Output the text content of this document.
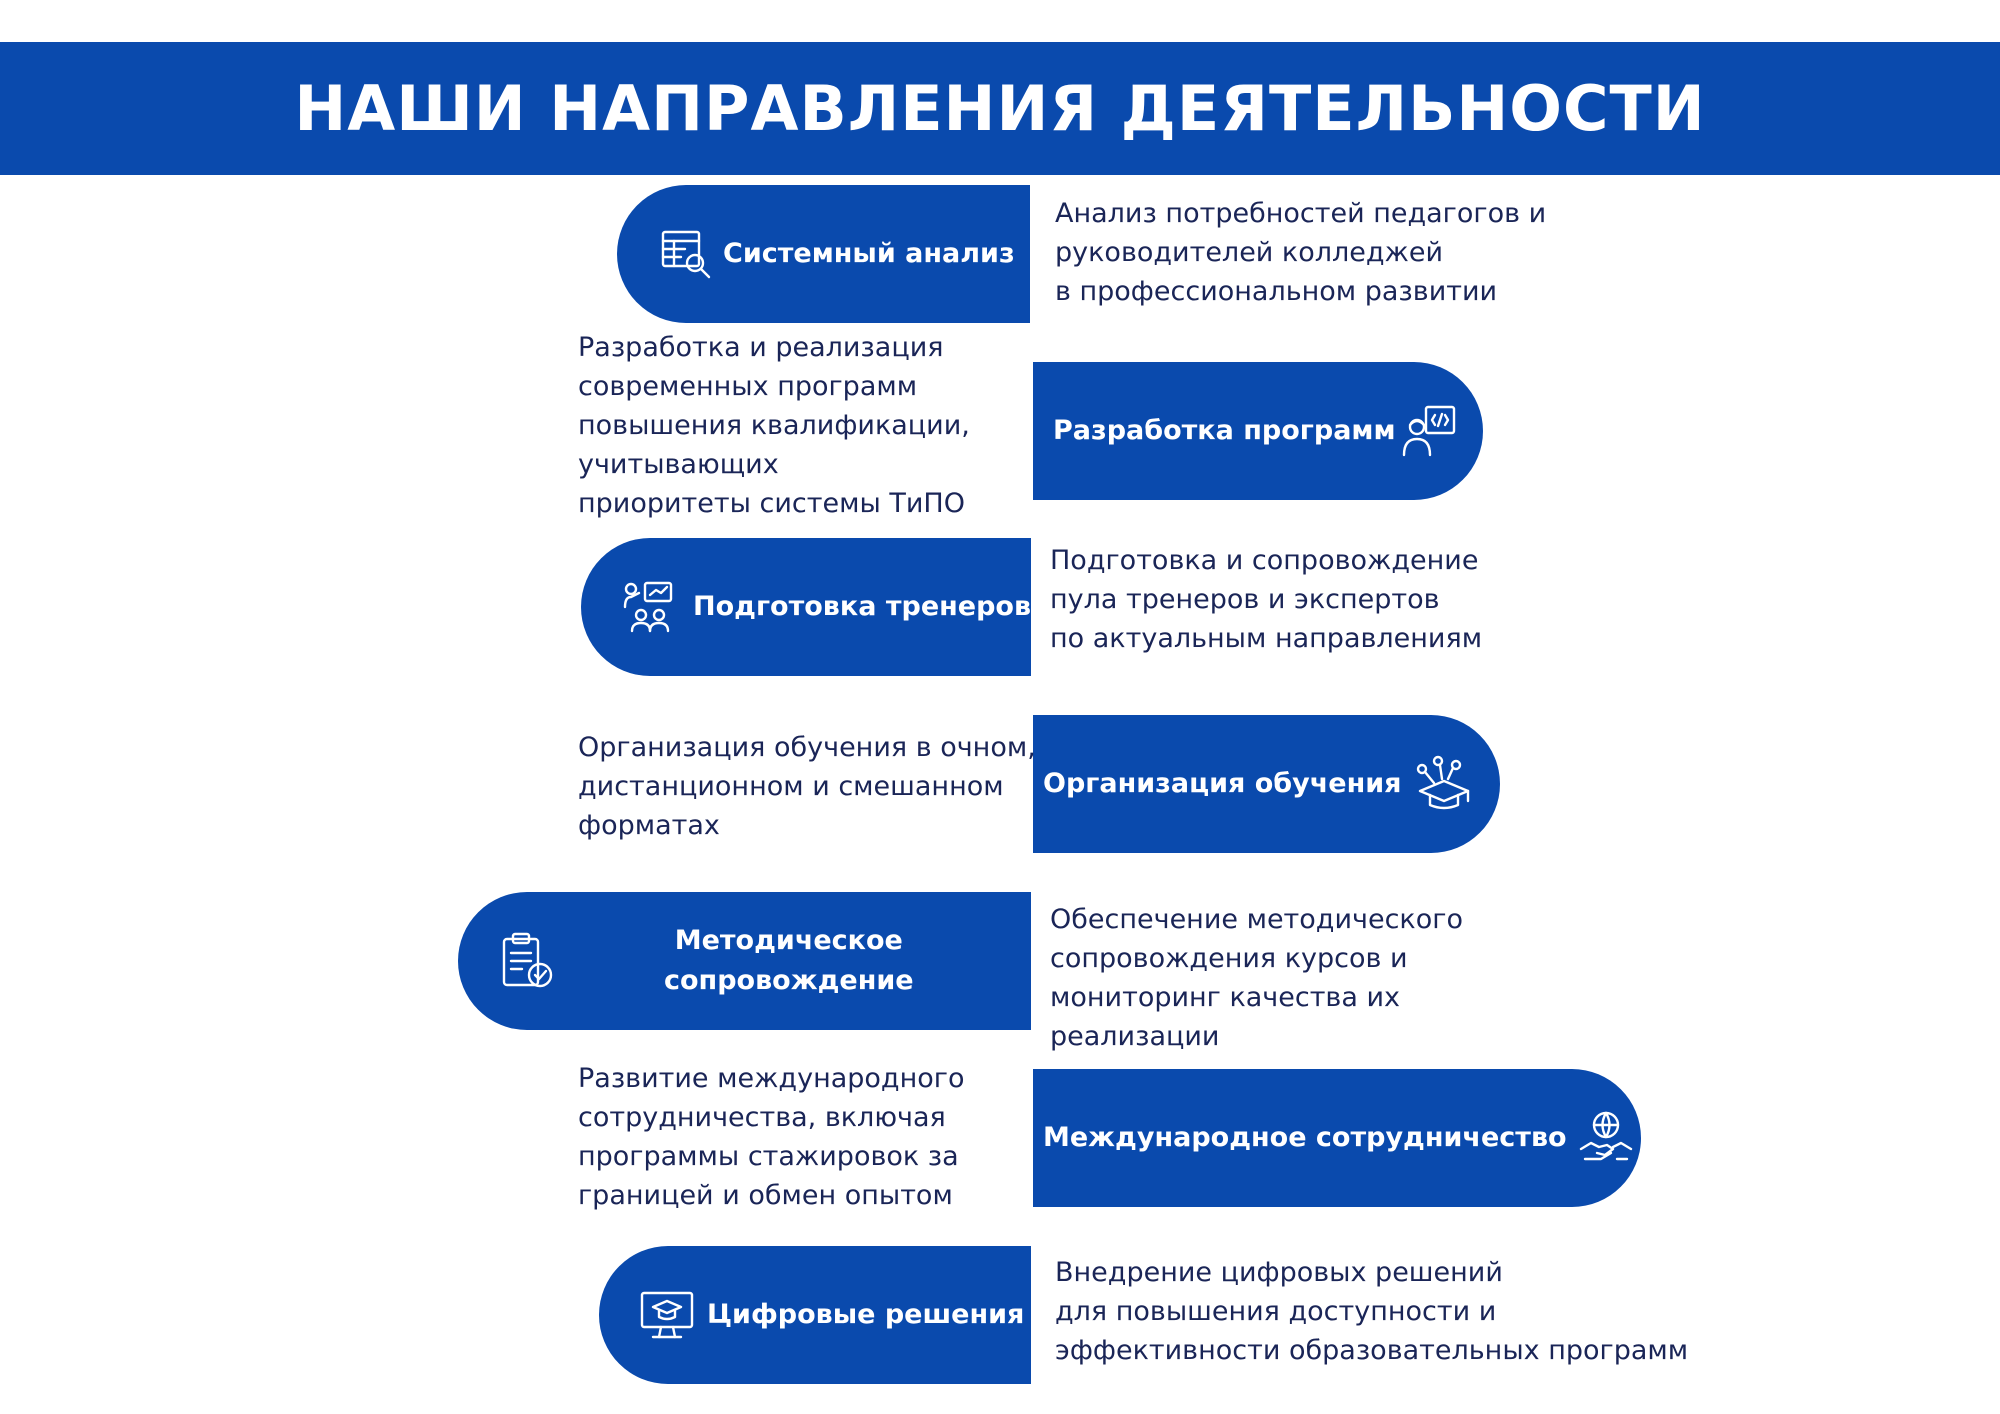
НАШИ НАПРАВЛЕНИЯ ДЕЯТЕЛЬНОСТИ
Системный анализ
Анализ потребностей педагогов и
руководителей колледжей
в профессиональном развитии
Разработка программ
Разработка и реализация
современных программ
повышения квалификации,
учитывающих
приоритеты системы ТиПО
Подготовка тренеров
Подготовка и сопровождение
пула тренеров и экспертов
по актуальным направлениям
Организация обучения
Организация обучения в очном,
дистанционном и смешанном
форматах
Методическое
сопровождение
Обеспечение методического
сопровождения курсов и
мониторинг качества их
реализации
Международное сотрудничество
Развитие международного
сотрудничества, включая
программы стажировок за
границей и обмен опытом
Цифровые решения
Внедрение цифровых решений
для повышения доступности и
эффективности образовательных программ
